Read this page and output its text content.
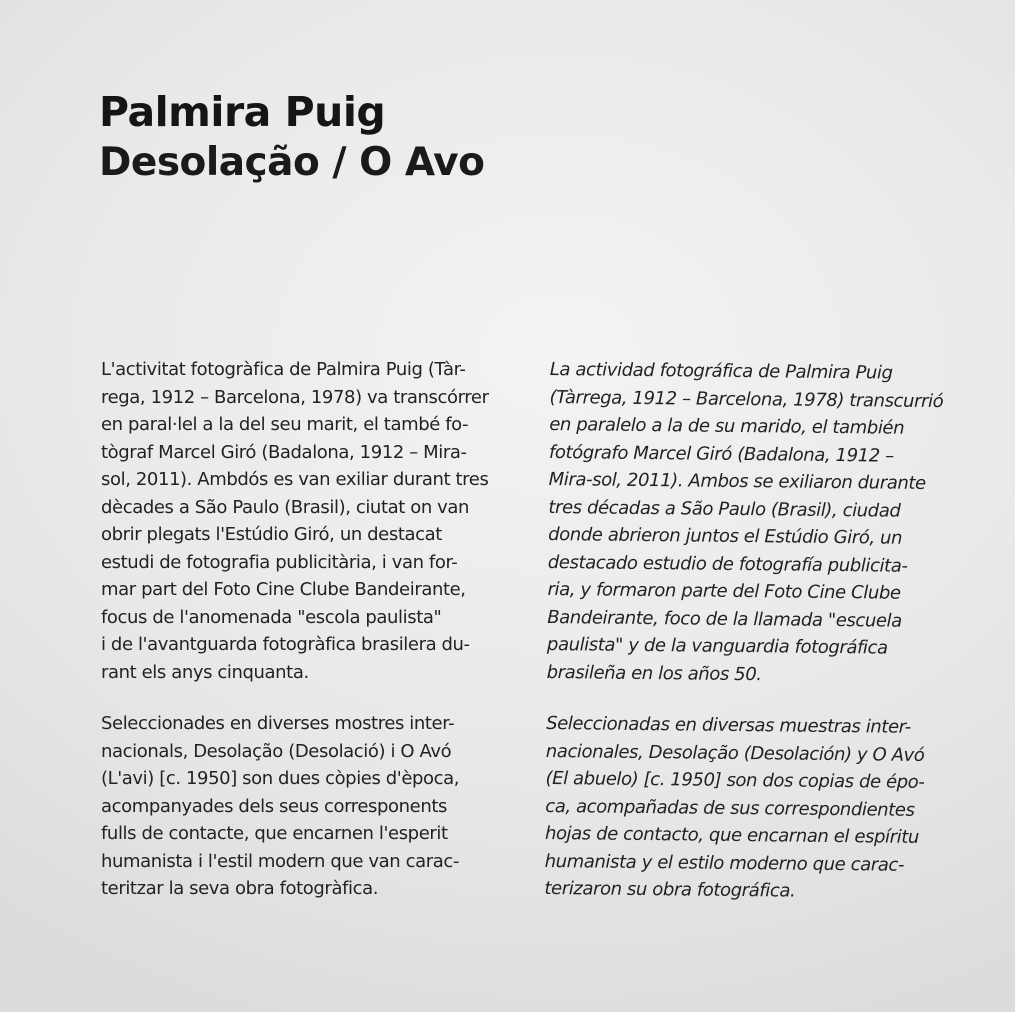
Palmira Puig
Desolação / O Avo
L'activitat fotogràfica de Palmira Puig (Tàr-
rega, 1912 – Barcelona, 1978) va transcórrer
en paral·lel a la del seu marit, el també fo-
tògraf Marcel Giró (Badalona, 1912 – Mira-
sol, 2011). Ambdós es van exiliar durant tres
dècades a São Paulo (Brasil), ciutat on van
obrir plegats l'Estúdio Giró, un destacat
estudi de fotografia publicitària, i van for-
mar part del Foto Cine Clube Bandeirante,
focus de l'anomenada "escola paulista"
i de l'avantguarda fotogràfica brasilera du-
rant els anys cinquanta.
Seleccionades en diverses mostres inter-
nacionals, Desolação (Desolació) i O Avó
(L'avi) [c. 1950] son dues còpies d'època,
acompanyades dels seus corresponents
fulls de contacte, que encarnen l'esperit
humanista i l'estil modern que van carac-
teritzar la seva obra fotogràfica.
La actividad fotográfica de Palmira Puig
(Tàrrega, 1912 – Barcelona, 1978) transcurrió
en paralelo a la de su marido, el también
fotógrafo Marcel Giró (Badalona, 1912 –
Mira-sol, 2011). Ambos se exiliaron durante
tres décadas a São Paulo (Brasil), ciudad
donde abrieron juntos el Estúdio Giró, un
destacado estudio de fotografía publicita-
ria, y formaron parte del Foto Cine Clube
Bandeirante, foco de la llamada "escuela
paulista" y de la vanguardia fotográfica
brasileña en los años 50.
Seleccionadas en diversas muestras inter-
nacionales, Desolação (Desolación) y O Avó
(El abuelo) [c. 1950] son dos copias de épo-
ca, acompañadas de sus correspondientes
hojas de contacto, que encarnan el espíritu
humanista y el estilo moderno que carac-
terizaron su obra fotográfica.
